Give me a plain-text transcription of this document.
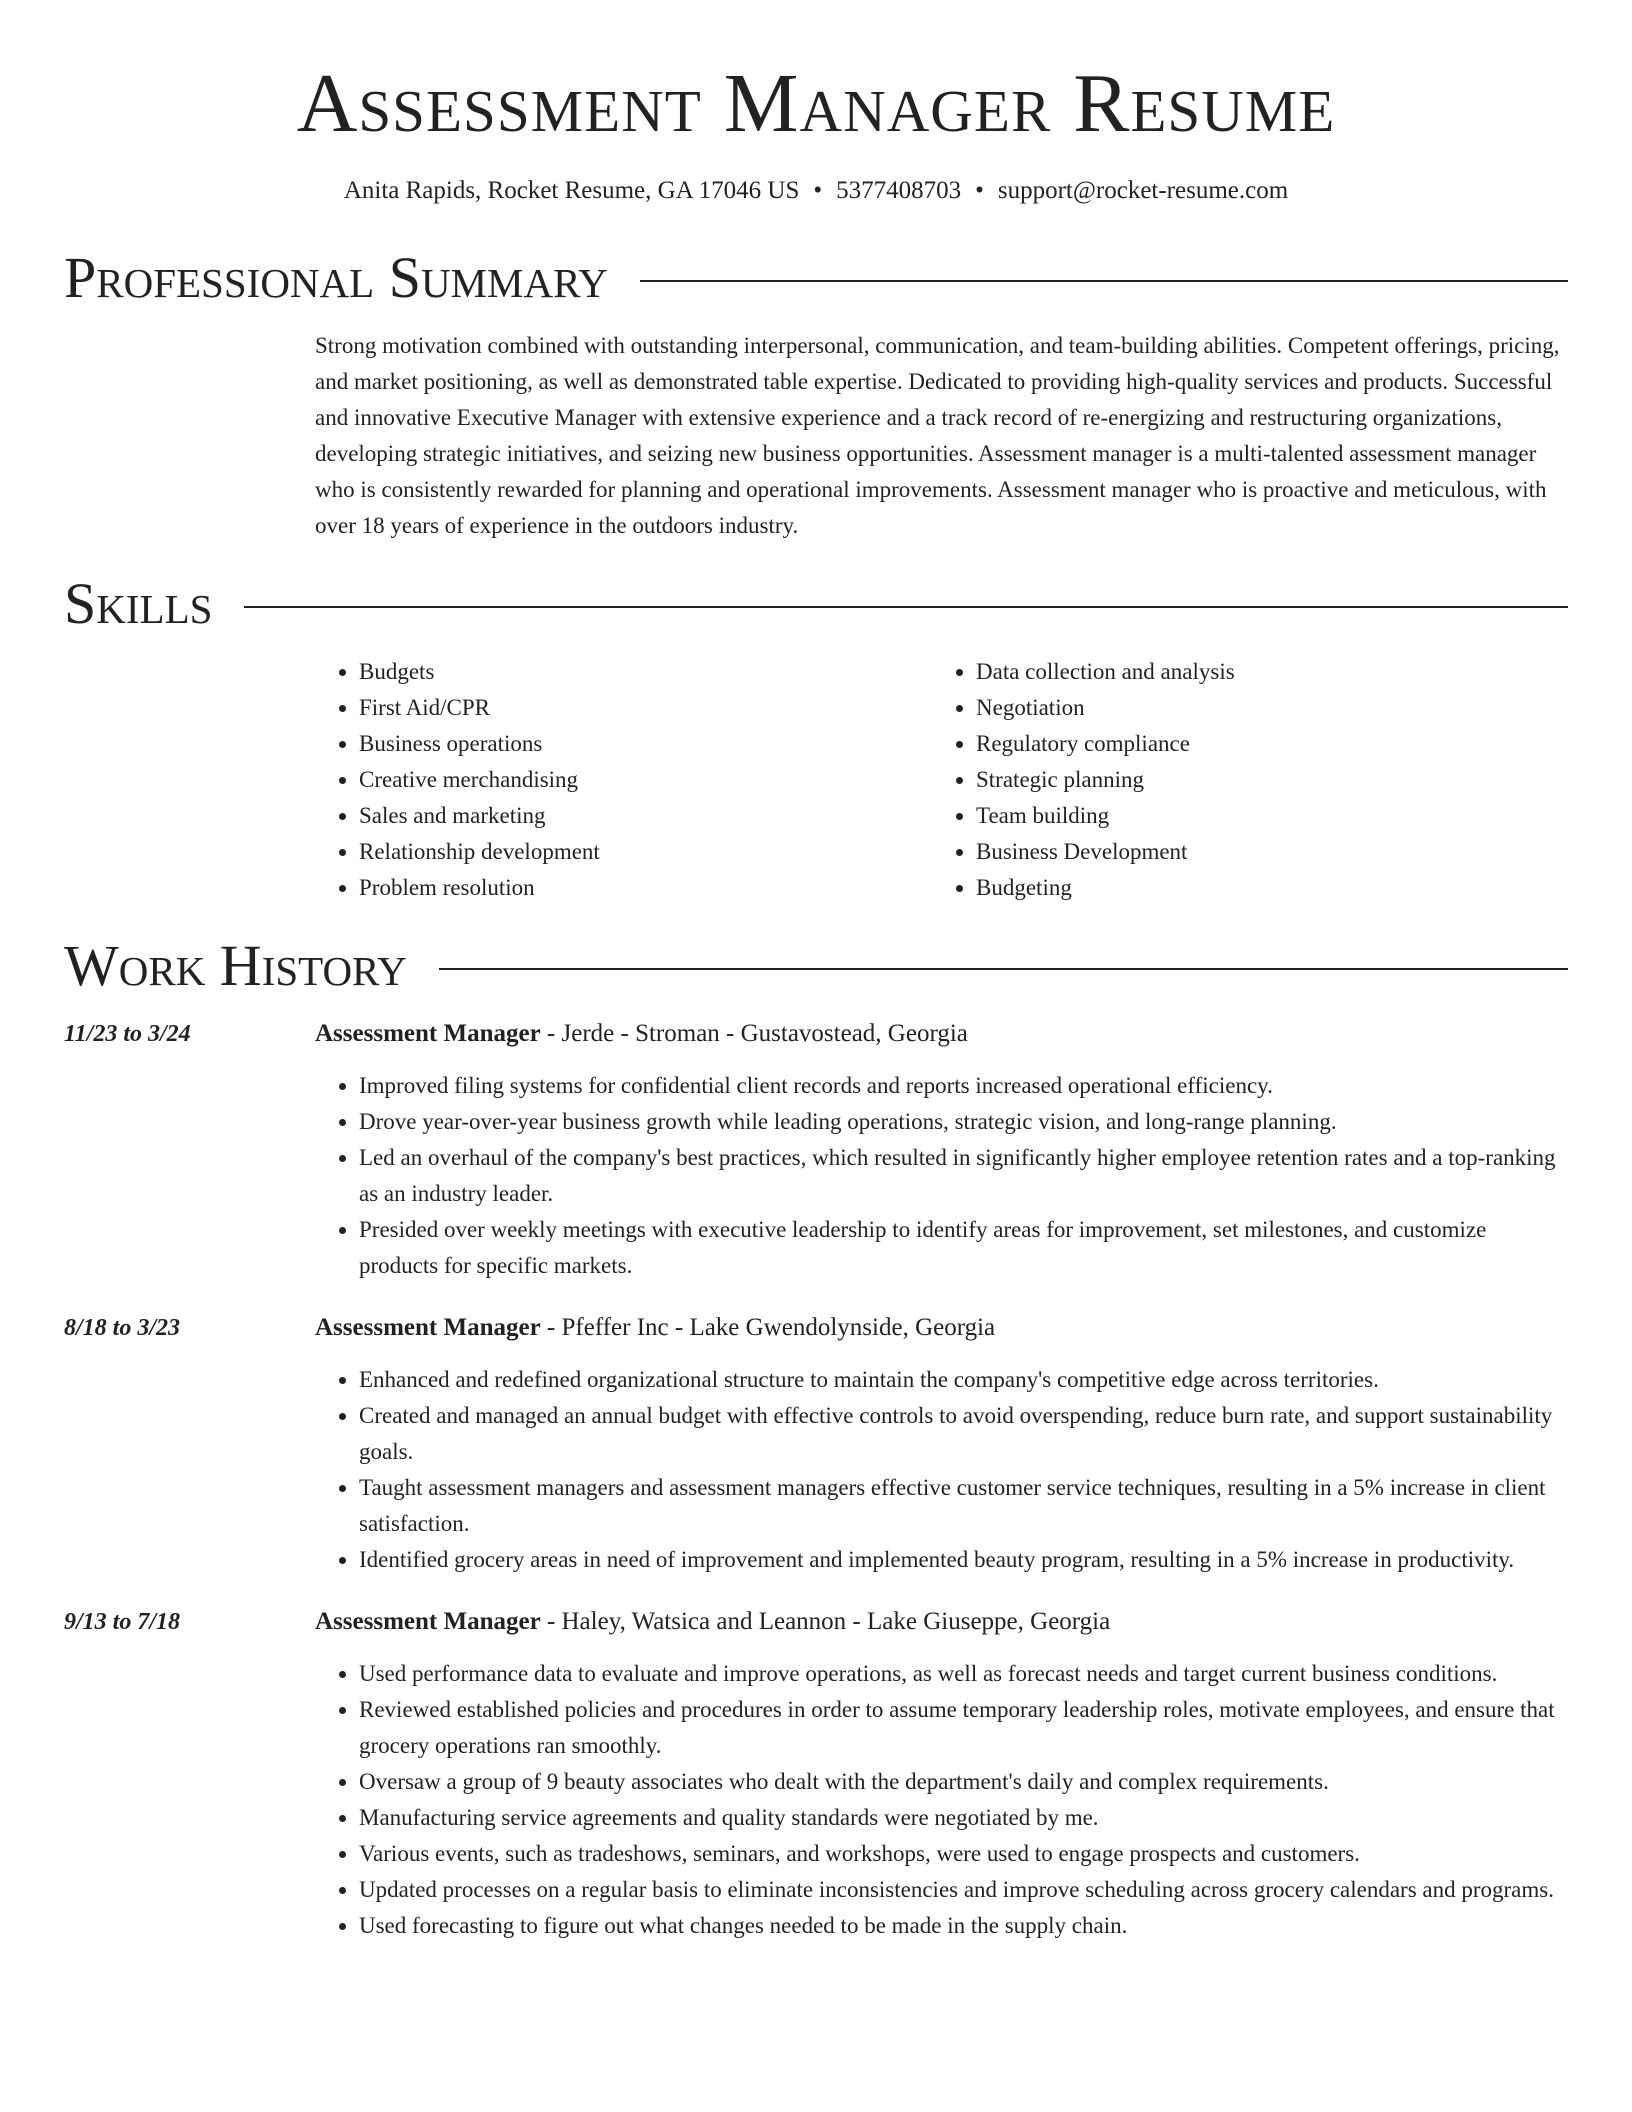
Assessment Manager Resume
Anita Rapids, Rocket Resume, GA 17046 US • 5377408703 • support@rocket-resume.com
Professional Summary
Strong motivation combined with outstanding interpersonal, communication, and team-building abilities. Competent offerings, pricing, and market positioning, as well as demonstrated table expertise. Dedicated to providing high-quality services and products. Successful and innovative Executive Manager with extensive experience and a track record of re-energizing and restructuring organizations, developing strategic initiatives, and seizing new business opportunities. Assessment manager is a multi-talented assessment manager who is consistently rewarded for planning and operational improvements. Assessment manager who is proactive and meticulous, with over 18 years of experience in the outdoors industry.
Skills
• Budgets
• First Aid/CPR
• Business operations
• Creative merchandising
• Sales and marketing
• Relationship development
• Problem resolution
• Data collection and analysis
• Negotiation
• Regulatory compliance
• Strategic planning
• Team building
• Business Development
• Budgeting
Work History
11/23 to 3/24	Assessment Manager - Jerde - Stroman - Gustavostead, Georgia
• Improved filing systems for confidential client records and reports increased operational efficiency.
• Drove year-over-year business growth while leading operations, strategic vision, and long-range planning.
• Led an overhaul of the company's best practices, which resulted in significantly higher employee retention rates and a top-ranking as an industry leader.
• Presided over weekly meetings with executive leadership to identify areas for improvement, set milestones, and customize products for specific markets.
8/18 to 3/23	Assessment Manager - Pfeffer Inc - Lake Gwendolynside, Georgia
• Enhanced and redefined organizational structure to maintain the company's competitive edge across territories.
• Created and managed an annual budget with effective controls to avoid overspending, reduce burn rate, and support sustainability goals.
• Taught assessment managers and assessment managers effective customer service techniques, resulting in a 5% increase in client satisfaction.
• Identified grocery areas in need of improvement and implemented beauty program, resulting in a 5% increase in productivity.
9/13 to 7/18	Assessment Manager - Haley, Watsica and Leannon - Lake Giuseppe, Georgia
• Used performance data to evaluate and improve operations, as well as forecast needs and target current business conditions.
• Reviewed established policies and procedures in order to assume temporary leadership roles, motivate employees, and ensure that grocery operations ran smoothly.
• Oversaw a group of 9 beauty associates who dealt with the department's daily and complex requirements.
• Manufacturing service agreements and quality standards were negotiated by me.
• Various events, such as tradeshows, seminars, and workshops, were used to engage prospects and customers.
• Updated processes on a regular basis to eliminate inconsistencies and improve scheduling across grocery calendars and programs.
• Used forecasting to figure out what changes needed to be made in the supply chain.
